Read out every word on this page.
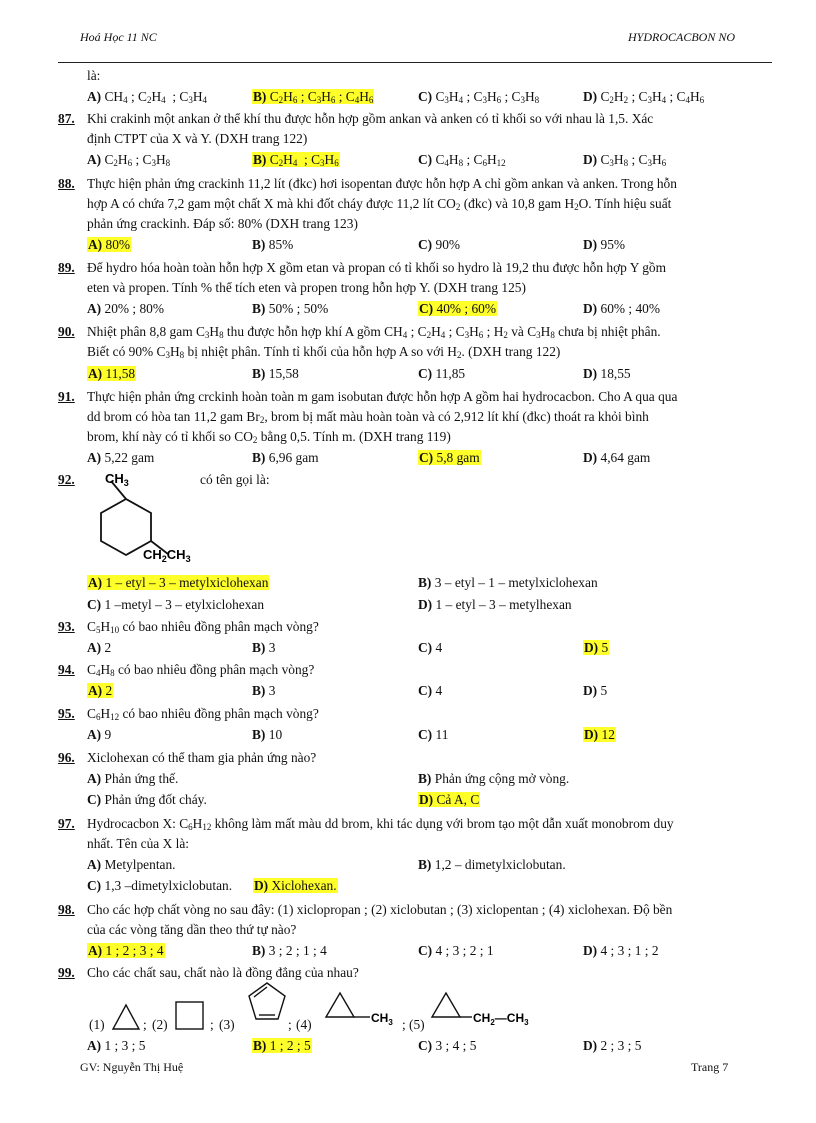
Hoá Học 11 NC	HYDROCACBON NO
là:
A) $CH_4$ ; $C_2H_4$  ; $C_3H_4$	B) $C_2H_6$ ; $C_3H_6$ ; $C_4H_6$	C) $C_3H_4$ ; $C_3H_6$ ; $C_3H_8$	D) $C_2H_2$ ; $C_3H_4$ ; $C_4H_6$
87. Khi crakinh một ankan ở thể khí thu được hỗn hợp gồm ankan và anken có tỉ khối so với nhau là 1,5. Xác
định CTPT của X và Y. (DXH trang 122)
A) $C_2H_6$ ; $C_3H_8$	B) $C_2H_4$  ; $C_3H_6$	C) $C_4H_8$ ; $C_6H_{12}$	D) $C_3H_8$ ; $C_3H_6$
88. Thực hiện phản ứng crackinh 11,2 lít (đkc) hơi isopentan được hỗn hợp A chỉ gồm ankan và anken. Trong hỗn
hợp A có chứa 7,2 gam một chất X mà khi đốt cháy được 11,2 lít $CO_2$ (đkc) và 10,8 gam $H_2O$. Tính hiệu suất
phản ứng crackinh. Đáp số: 80% (DXH trang 123)
A) 80%	B) 85%	C) 90%	D) 95%
89. Để hydro hóa hoàn toàn hỗn hợp X gồm etan và propan có tỉ khối so hydro là 19,2 thu được hỗn hợp Y gồm
eten và propen. Tính % thể tích eten và propen trong hỗn hợp Y. (DXH trang 125)
A) 20% ; 80%	B) 50% ; 50%	C) 40% ; 60%	D) 60% ; 40%
90. Nhiệt phân 8,8 gam $C_3H_8$ thu được hỗn hợp khí A gồm $CH_4$ ; $C_2H_4$ ; $C_3H_6$ ; $H_2$ và $C_3H_8$ chưa bị nhiệt phân.
Biết có 90% $C_3H_8$ bị nhiệt phân. Tính tỉ khối của hỗn hợp A so với $H_2$. (DXH trang 122)
A) 11,58	B) 15,58	C) 11,85	D) 18,55
91. Thực hiện phản ứng crckinh hoàn toàn m gam isobutan được hỗn hợp A gồm hai hydrocacbon. Cho A qua qua
dd brom có hòa tan 11,2 gam $Br_2$, brom bị mất màu hoàn toàn và có 2,912 lít khí (đkc) thoát ra khỏi bình
brom, khí này có tỉ khối so $CO_2$ bằng 0,5. Tính m. (DXH trang 119)
A) 5,22 gam	B) 6,96 gam	C) 5,8 gam	D) 4,64 gam
92.	có tên gọi là:
$CH_3$
$CH_2CH_3$
A) 1 – etyl – 3 – metylxiclohexan	B) 3 – etyl – 1 – metylxiclohexan
C) 1 –metyl – 3 – etylxiclohexan	D) 1 – etyl – 3 – metylhexan
93. $C_5H_{10}$ có bao nhiêu đồng phân mạch vòng?
A) 2	B) 3	C) 4	D) 5
94. $C_4H_8$ có bao nhiêu đồng phân mạch vòng?
A) 2	B) 3	C) 4	D) 5
95. $C_6H_{12}$ có bao nhiêu đồng phân mạch vòng?
A) 9	B) 10	C) 11	D) 12
96. Xiclohexan có thể tham gia phản ứng nào?
A) Phản ứng thế.	B) Phản ứng cộng mở vòng.
C) Phản ứng đốt cháy.	D) Cả A, C
97. Hydrocacbon X: $C_6H_{12}$ không làm mất màu dd brom, khi tác dụng với brom tạo một dẫn xuất monobrom duy
nhất. Tên của X là:
A) Metylpentan.	B) 1,2 – dimetylxiclobutan.
C) 1,3 –dimetylxiclobutan. D) Xiclohexan.
98. Cho các hợp chất vòng no sau đây: (1) xiclopropan ; (2) xiclobutan ; (3) xiclopentan ; (4) xiclohexan. Độ bền
của các vòng tăng dần theo thứ tự nào?
A) 1 ; 2 ; 3 ; 4	B) 3 ; 2 ; 1 ; 4	C) 4 ; 3 ; 2 ; 1	D) 4 ; 3 ; 1 ; 2
99. Cho các chất sau, chất nào là đồng đẳng của nhau?
(1)	; (2)	; (3)	; (4)	$CH_3$ ; (5)	$CH_2—CH_3$
A) 1 ; 3 ; 5	B) 1 ; 2 ; 5	C) 3 ; 4 ; 5	D) 2 ; 3 ; 5
GV: Nguyễn Thị Huệ	Trang 7
